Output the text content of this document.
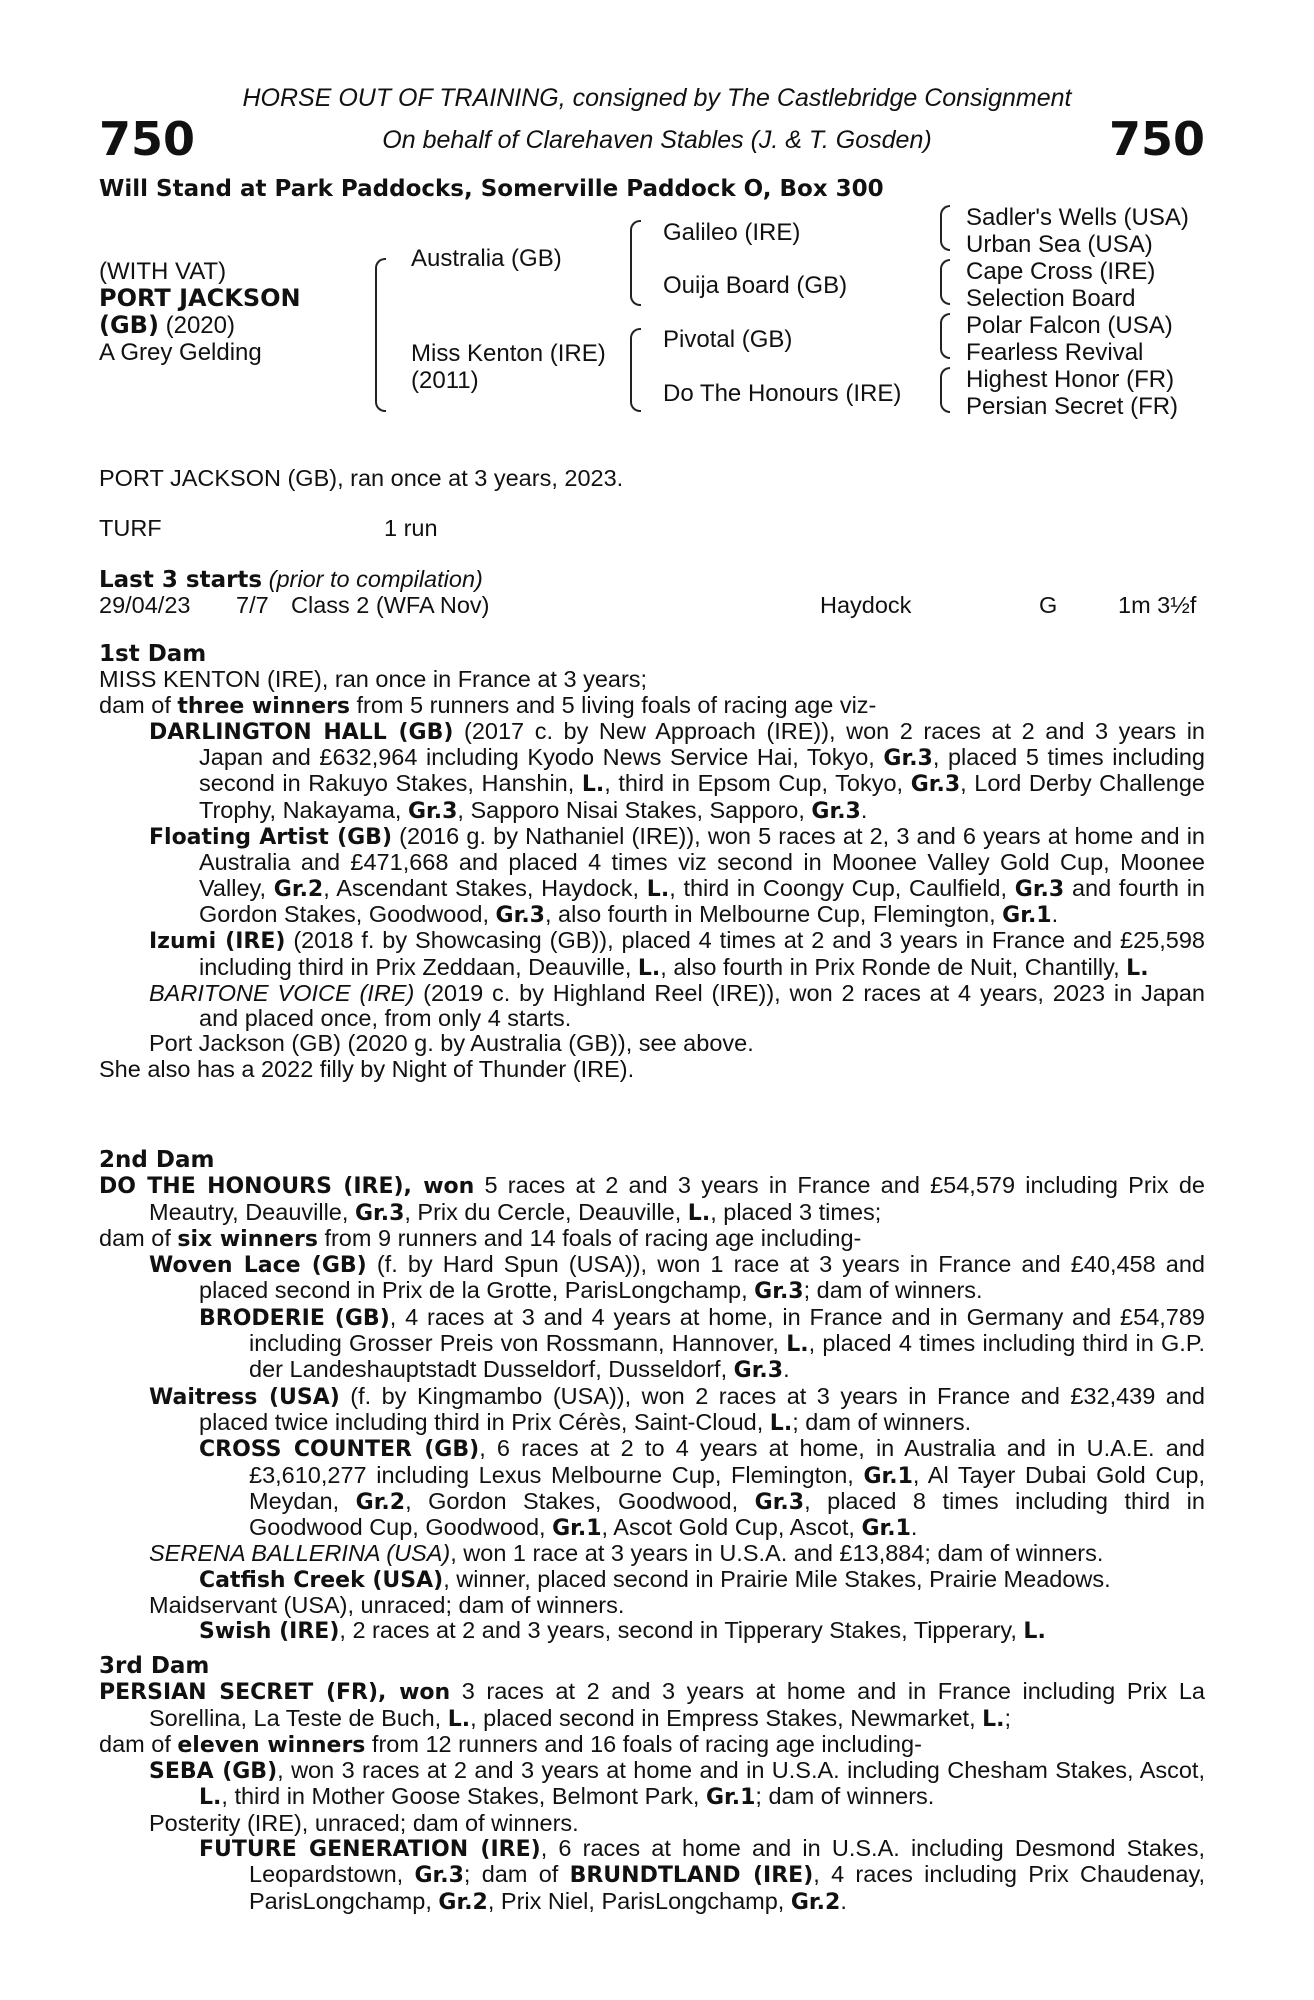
750	750
HORSE OUT OF TRAINING, consigned by The Castlebridge Consignment
On behalf of Clarehaven Stables (J. & T. Gosden)
Will Stand at Park Paddocks, Somerville Paddock O, Box 300
(WITH VAT)
PORT JACKSON
(GB) (2020)
A Grey Gelding
Australia (GB)
Miss Kenton (IRE)
(2011)
Galileo (IRE)
Ouija Board (GB)
Pivotal (GB)
Do The Honours (IRE)
Sadler's Wells (USA)
Urban Sea (USA)
Cape Cross (IRE)
Selection Board
Polar Falcon (USA)
Fearless Revival
Highest Honor (FR)
Persian Secret (FR)
PORT JACKSON (GB), ran once at 3 years, 2023.
TURF	1 run
Last 3 starts (prior to compilation)
29/04/23 7/7 Class 2 (WFA Nov)	Haydock	G	1m 3½f

1st Dam

MISS KENTON (IRE), ran once in France at 3 years;

dam of three winners from 5 runners and 5 living foals of racing age viz-

DARLINGTON HALL (GB) (2017 c. by New Approach (IRE)), won 2 races at 2 and 3 years in Japan and £632,964 including Kyodo News Service Hai, Tokyo, Gr.3, placed 5 times including second in Rakuyo Stakes, Hanshin, L., third in Epsom Cup, Tokyo, Gr.3, Lord Derby Challenge Trophy, Nakayama, Gr.3, Sapporo Nisai Stakes, Sapporo, Gr.3.

Floating Artist (GB) (2016 g. by Nathaniel (IRE)), won 5 races at 2, 3 and 6 years at home and in Australia and £471,668 and placed 4 times viz second in Moonee Valley Gold Cup, Moonee Valley, Gr.2, Ascendant Stakes, Haydock, L., third in Coongy Cup, Caulfield, Gr.3 and fourth in Gordon Stakes, Goodwood, Gr.3, also fourth in Melbourne Cup, Flemington, Gr.1.

Izumi (IRE) (2018 f. by Showcasing (GB)), placed 4 times at 2 and 3 years in France and £25,598 including third in Prix Zeddaan, Deauville, L., also fourth in Prix Ronde de Nuit, Chantilly, L.

BARITONE VOICE (IRE) (2019 c. by Highland Reel (IRE)), won 2 races at 4 years, 2023 in Japan and placed once, from only 4 starts.

Port Jackson (GB) (2020 g. by Australia (GB)), see above.

She also has a 2022 filly by Night of Thunder (IRE).

2nd Dam

DO THE HONOURS (IRE), won 5 races at 2 and 3 years in France and £54,579 including Prix de Meautry, Deauville, Gr.3, Prix du Cercle, Deauville, L., placed 3 times;

dam of six winners from 9 runners and 14 foals of racing age including-

Woven Lace (GB) (f. by Hard Spun (USA)), won 1 race at 3 years in France and £40,458 and placed second in Prix de la Grotte, ParisLongchamp, Gr.3; dam of winners.

BRODERIE (GB), 4 races at 3 and 4 years at home, in France and in Germany and £54,789 including Grosser Preis von Rossmann, Hannover, L., placed 4 times including third in G.P. der Landeshauptstadt Dusseldorf, Dusseldorf, Gr.3.

Waitress (USA) (f. by Kingmambo (USA)), won 2 races at 3 years in France and £32,439 and placed twice including third in Prix Cérès, Saint-Cloud, L.; dam of winners.

CROSS COUNTER (GB), 6 races at 2 to 4 years at home, in Australia and in U.A.E. and £3,610,277 including Lexus Melbourne Cup, Flemington, Gr.1, Al Tayer Dubai Gold Cup, Meydan, Gr.2, Gordon Stakes, Goodwood, Gr.3, placed 8 times including third in Goodwood Cup, Goodwood, Gr.1, Ascot Gold Cup, Ascot, Gr.1.

SERENA BALLERINA (USA), won 1 race at 3 years in U.S.A. and £13,884; dam of winners.

Catfish Creek (USA), winner, placed second in Prairie Mile Stakes, Prairie Meadows.

Maidservant (USA), unraced; dam of winners.

Swish (IRE), 2 races at 2 and 3 years, second in Tipperary Stakes, Tipperary, L.

3rd Dam

PERSIAN SECRET (FR), won 3 races at 2 and 3 years at home and in France including Prix La Sorellina, La Teste de Buch, L., placed second in Empress Stakes, Newmarket, L.;

dam of eleven winners from 12 runners and 16 foals of racing age including-

SEBA (GB), won 3 races at 2 and 3 years at home and in U.S.A. including Chesham Stakes, Ascot, L., third in Mother Goose Stakes, Belmont Park, Gr.1; dam of winners.

Posterity (IRE), unraced; dam of winners.

FUTURE GENERATION (IRE), 6 races at home and in U.S.A. including Desmond Stakes, Leopardstown, Gr.3; dam of BRUNDTLAND (IRE), 4 races including Prix Chaudenay, ParisLongchamp, Gr.2, Prix Niel, ParisLongchamp, Gr.2.
